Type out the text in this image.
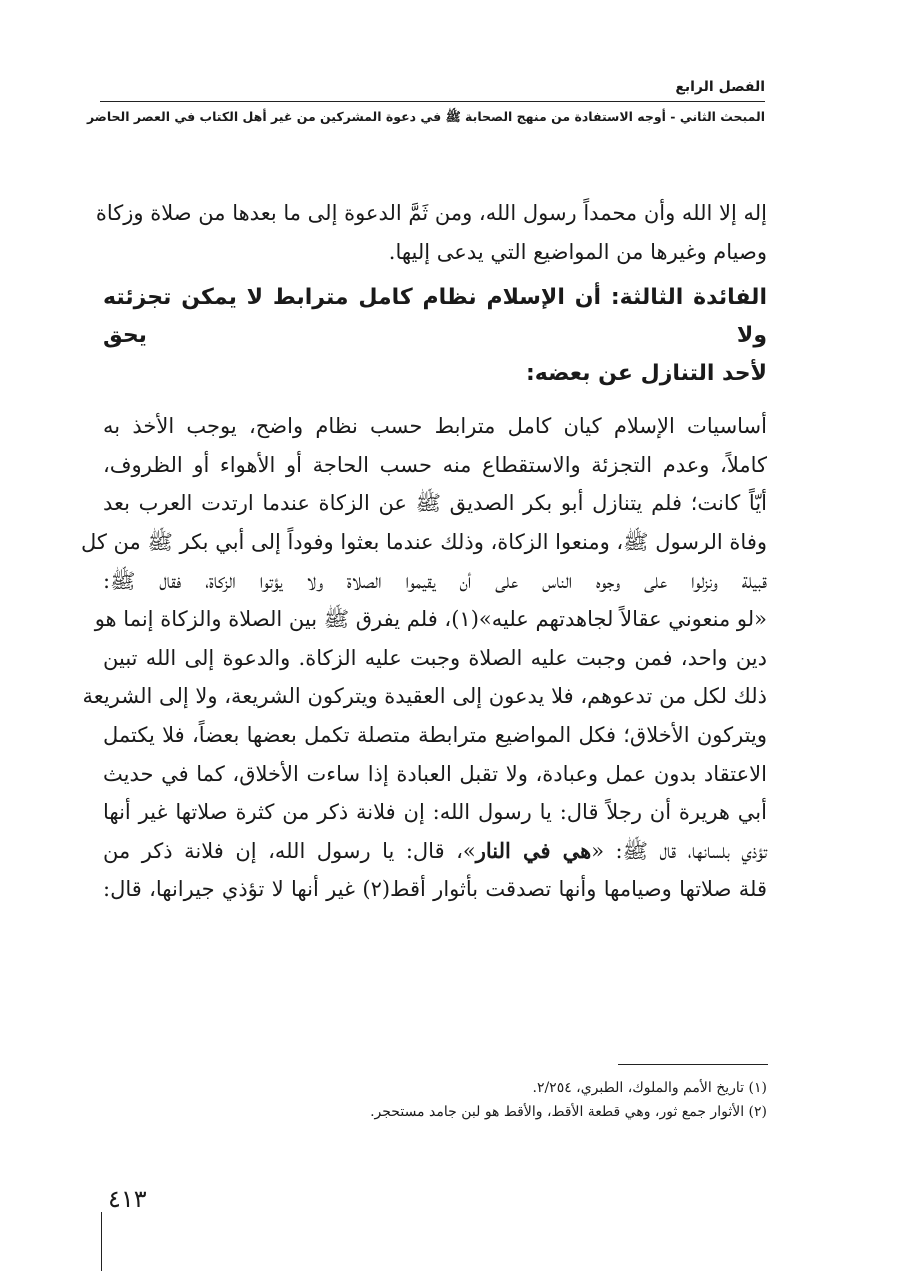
الفصل الرابع
المبحث الثاني - أوجه الاستفادة من منهج الصحابة ﷺ في دعوة المشركين من غير أهل الكتاب في العصر الحاضر
إله إلا الله وأن محمداً رسول الله، ومن ثَمَّ الدعوة إلى ما بعدها من صلاة وزكاة
وصيام وغيرها من المواضيع التي يدعى إليها.
الفائدة الثالثة: أن الإسلام نظام كامل مترابط لا يمكن تجزئته ولا يحق
لأحد التنازل عن بعضه:
أساسيات الإسلام كيان كامل مترابط حسب نظام واضح، يوجب الأخذ به
كاملاً، وعدم التجزئة والاستقطاع منه حسب الحاجة أو الأهواء أو الظروف،
أيّاً كانت؛ فلم يتنازل أبو بكر الصديق ﷺ عن الزكاة عندما ارتدت العرب بعد
وفاة الرسول ﷺ، ومنعوا الزكاة، وذلك عندما بعثوا وفوداً إلى أبي بكر ﷺ من كل
قبيلة ونزلوا على وجوه الناس على أن يقيموا الصلاة ولا يؤتوا الزكاة، فقال ﷺ:
«لو منعوني عقالاً لجاهدتهم عليه»(١)، فلم يفرق ﷺ بين الصلاة والزكاة إنما هو
دين واحد، فمن وجبت عليه الصلاة وجبت عليه الزكاة. والدعوة إلى الله تبين
ذلك لكل من تدعوهم، فلا يدعون إلى العقيدة ويتركون الشريعة، ولا إلى الشريعة
ويتركون الأخلاق؛ فكل المواضيع مترابطة متصلة تكمل بعضها بعضاً، فلا يكتمل
الاعتقاد بدون عمل وعبادة، ولا تقبل العبادة إذا ساءت الأخلاق، كما في حديث
أبي هريرة أن رجلاً قال: يا رسول الله: إن فلانة ذكر من كثرة صلاتها غير أنها
تؤذي بلسانها، قال ﷺ: «هي في النار»، قال: يا رسول الله، إن فلانة ذكر من
قلة صلاتها وصيامها وأنها تصدقت بأثوار أقط(٢) غير أنها لا تؤذي جيرانها، قال:
(١) تاريخ الأمم والملوك، الطبري، ٢/٢٥٤.
(٢) الأثوار جمع ثور، وهي قطعة الأقط، والأقط هو لبن جامد مستحجر.
٤١٣
